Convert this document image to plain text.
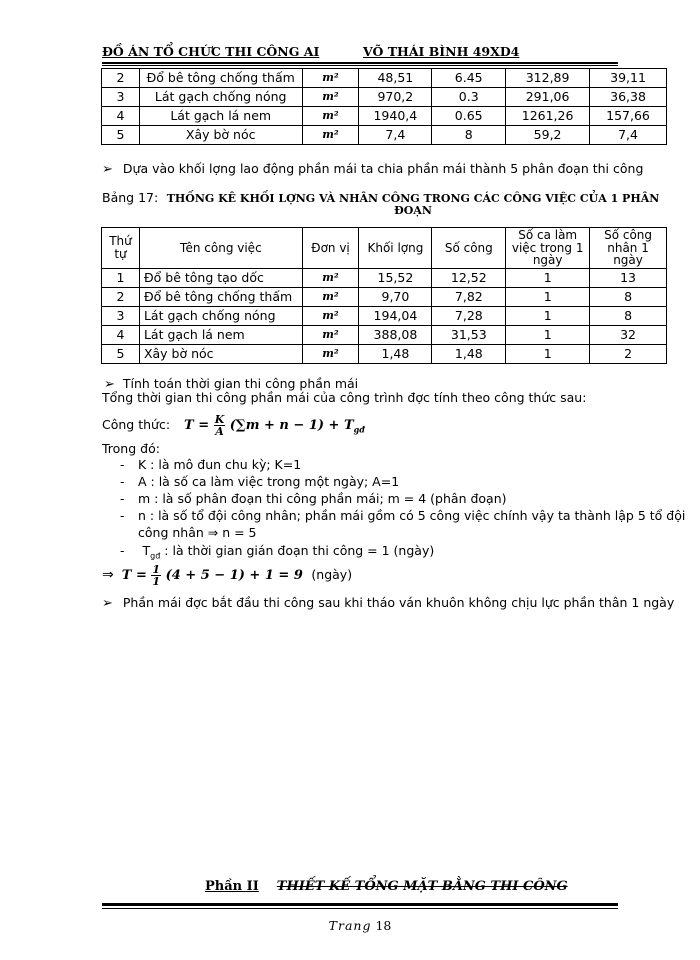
ĐỒ ÁN TỔ CHỨC THI CÔNG AI	VÕ THÁI BÌNH 49XD4
2	Đổ bê tông chống thấm	m²	48,51	6.45	312,89	39,11
3	Lát gạch chống nóng	m²	970,2	0.3	291,06	36,38
4	Lát gạch lá nem	m²	1940,4	0.65	1261,26	157,66
5	Xây bờ nóc	m²	7,4	8	59,2	7,4
➢ Dựa vào khối lợng lao động phần mái ta chia phần mái thành 5 phân đoạn thi công
Bảng 17: THỐNG KÊ KHỐI LỢNG VÀ NHÂN CÔNG TRONG CÁC CÔNG VIỆC CỦA 1 PHÂN
ĐOẠN
Thứ tự	Tên công việc	Đơn vị	Khối lợng	Số công	Số ca làm việc trong 1 ngày	Số công nhân 1 ngày
1	Đổ bê tông tạo dốc	m²	15,52	12,52	1	13
2	Đổ bê tông chống thấm	m²	9,70	7,82	1	8
3	Lát gạch chống nóng	m²	194,04	7,28	1	8
4	Lát gạch lá nem	m²	388,08	31,53	1	32
5	Xây bờ nóc	m²	1,48	1,48	1	2
➢ Tính toán thời gian thi công phần mái
Tổng thời gian thi công phần mái của công trình đợc tính theo công thức sau:
Công thức: $T = \frac{K}{A} (\sum m + n - 1) + T_{gđ}$
Trong đó:
- K : là mô đun chu kỳ; K=1
- A : là số ca làm việc trong một ngày; A=1
- m : là số phân đoạn thi công phần mái; m = 4 (phân đoạn)
- n : là số tổ đội công nhân; phần mái gồm có 5 công việc chính vậy ta thành lập 5 tổ đội
công nhân ⇒ n = 5
- $T_{gđ}$ : là thời gian gián đoạn thi công = 1 (ngày)
⇒ $T = \frac{1}{1} (4 + 5 - 1) + 1 = 9$ (ngày)
➢ Phần mái đợc bắt đầu thi công sau khi tháo ván khuôn không chịu lực phần thân 1 ngày
Phần II THIẾT KẾ TỔNG MẶT BẰNG THI CÔNG
Trang 18
